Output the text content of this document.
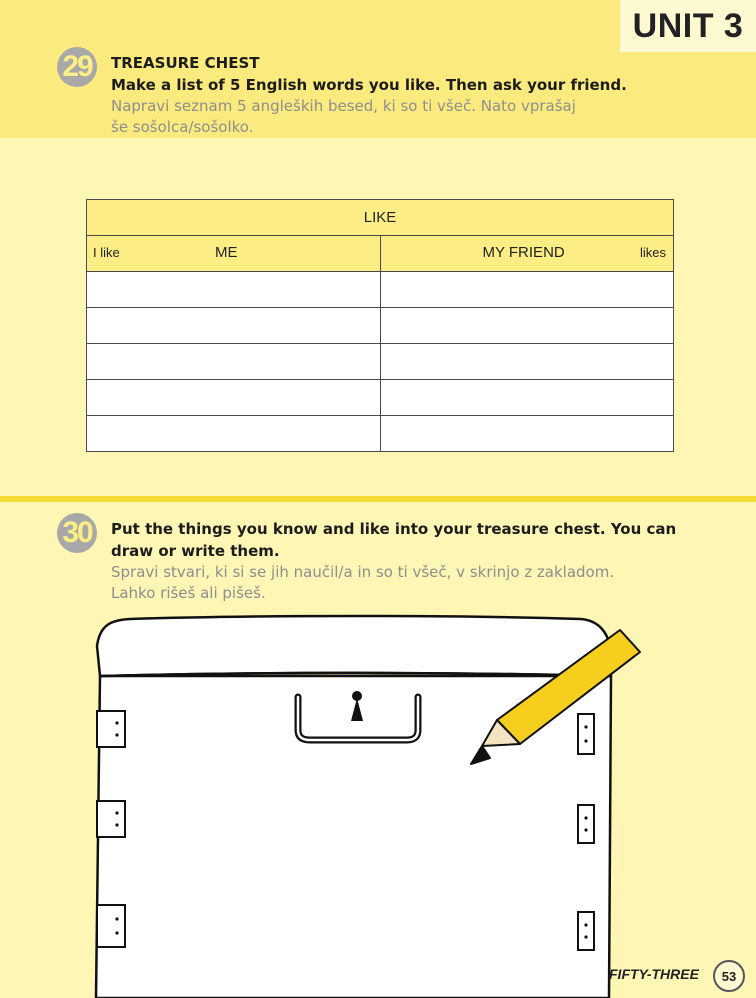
UNIT 3
29	TREASURE CHEST
Make a list of 5 English words you like. Then ask your friend.
Napravi seznam 5 angleških besed, ki so ti všeč. Nato vprašaj
še sošolca/sošolko.
LIKE	

I like ME	MY FRIEND likes

30	Put the things you know and like into your treasure chest. You can
draw or write them.
Spravi stvari, ki si se jih naučil/a in so ti všeč, v skrinjo z zakladom.
Lahko rišeš ali pišeš.
FIFTY-THREE	53
